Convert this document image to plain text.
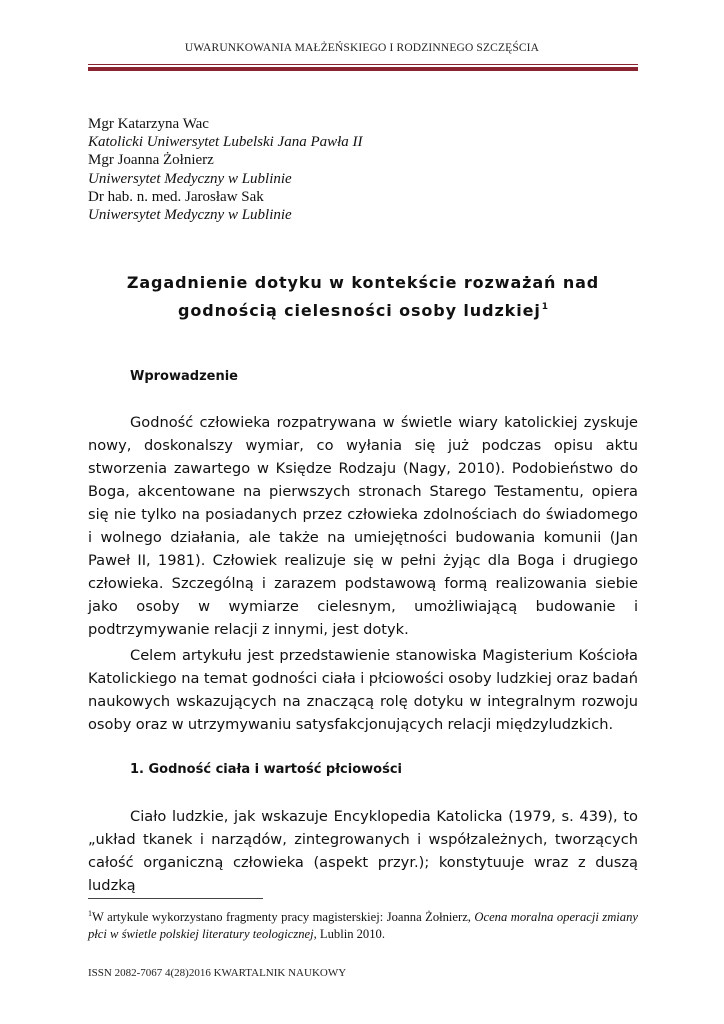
UWARUNKOWANIA MAŁŻEŃSKIEGO I RODZINNEGO SZCZĘŚCIA
Mgr Katarzyna Wac
Katolicki Uniwersytet Lubelski Jana Pawła II
Mgr Joanna Żołnierz
Uniwersytet Medyczny w Lublinie
Dr hab. n. med. Jarosław Sak
Uniwersytet Medyczny w Lublinie
Zagadnienie dotyku w kontekście rozważań nad
godnością cielesności osoby ludzkiej$^1$
Wprowadzenie

Godność człowieka rozpatrywana w świetle wiary katolickiej zyskuje nowy, doskonalszy wymiar, co wyłania się już podczas opisu aktu stworzenia zawartego w Księdze Rodzaju (Nagy, 2010). Podobieństwo do Boga, akcentowane na pierwszych stronach Starego Testamentu, opiera się nie tylko na posiadanych przez człowieka zdolnościach do świadomego i wolnego działania, ale także na umiejętności budowania komunii (Jan Paweł II, 1981). Człowiek realizuje się w pełni żyjąc dla Boga i drugiego człowieka. Szczególną i zarazem podstawową formą realizowania siebie jako osoby w wymiarze cielesnym, umożliwiającą budowanie i podtrzymywanie relacji z innymi, jest dotyk.

Celem artykułu jest przedstawienie stanowiska Magisterium Kościoła Katolickiego na temat godności ciała i płciowości osoby ludzkiej oraz badań naukowych wskazujących na znaczącą rolę dotyku w integralnym rozwoju osoby oraz w utrzymywaniu satysfakcjonujących relacji międzyludzkich.

1. Godność ciała i wartość płciowości

Ciało ludzkie, jak wskazuje Encyklopedia Katolicka (1979, s. 439), to „układ tkanek i narządów, zintegrowanych i współzależnych, tworzących całość organiczną człowieka (aspekt przyr.); konstytuuje wraz z duszą ludzką

$^1$W artykule wykorzystano fragmenty pracy magisterskiej: Joanna Żołnierz, Ocena moralna operacji zmiany płci w świetle polskiej literatury teologicznej, Lublin 2010.

ISSN 2082-7067 4(28)2016 KWARTALNIK NAUKOWY
